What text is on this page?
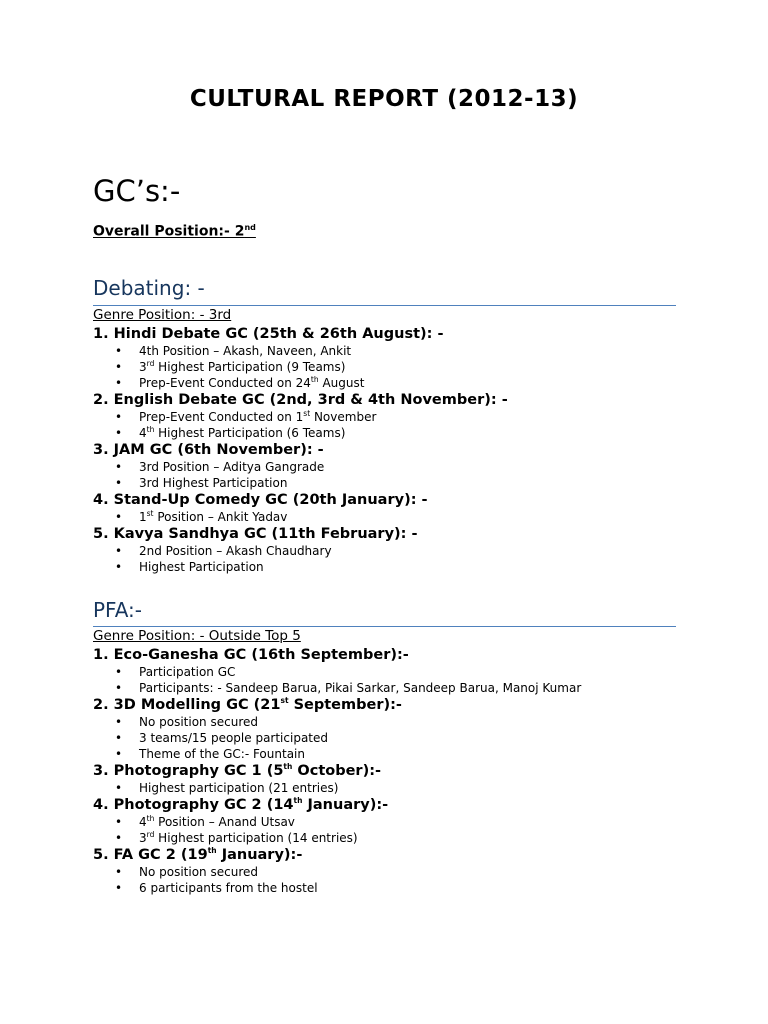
CULTURAL REPORT (2012-13)
GC’s:-
Overall Position:- 2nd
Debating: -
Genre Position: - 3rd
1. Hindi Debate GC (25th & 26th August): -
• 4th Position – Akash, Naveen, Ankit
• 3rd Highest Participation (9 Teams)
• Prep-Event Conducted on 24th August
2. English Debate GC (2nd, 3rd & 4th November): -
• Prep-Event Conducted on 1st November
• 4th Highest Participation (6 Teams)
3. JAM GC (6th November): -
• 3rd Position – Aditya Gangrade
• 3rd Highest Participation
4. Stand-Up Comedy GC (20th January): -
• 1st Position – Ankit Yadav
5. Kavya Sandhya GC (11th February): -
• 2nd Position – Akash Chaudhary
• Highest Participation
PFA:-
Genre Position: - Outside Top 5
1. Eco-Ganesha GC (16th September):-
• Participation GC
• Participants: - Sandeep Barua, Pikai Sarkar, Sandeep Barua, Manoj Kumar
2. 3D Modelling GC (21st September):-
• No position secured
• 3 teams/15 people participated
• Theme of the GC:- Fountain
3. Photography GC 1 (5th October):-
• Highest participation (21 entries)
4. Photography GC 2 (14th January):-
• 4th Position – Anand Utsav
• 3rd Highest participation (14 entries)
5. FA GC 2 (19th January):-
• No position secured
• 6 participants from the hostel
